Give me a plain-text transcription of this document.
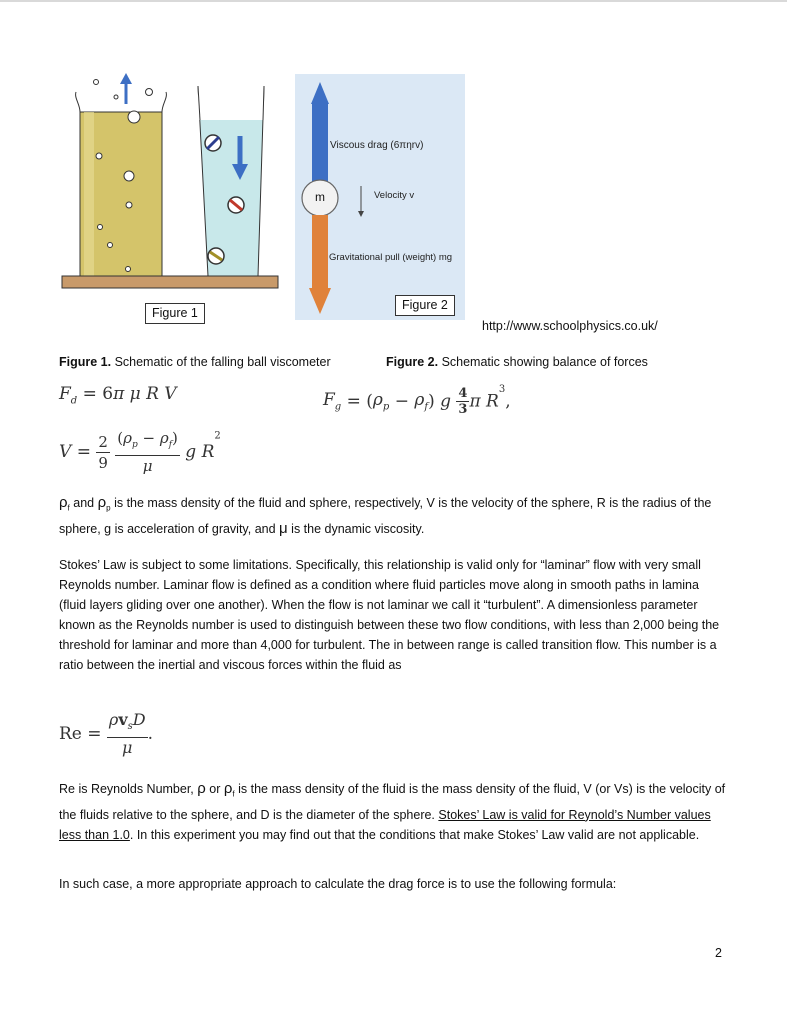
Figure 1
m
Viscous drag (6πηrv)
Velocity v
Gravitational pull (weight) mg
Figure 2
http://www.schoolphysics.co.uk/
Figure 1. Schematic of the falling ball viscometer	Figure 2. Schematic showing balance of forces
$F_d = 6\pi$ μ R V
$V = \frac{2}{9}$
$\frac{(\rho_p - \rho_f)}{\mu}$ g $R^2$
$F_g = (\rho_p - \rho_f)$ g $\frac{4}{3}$ π $R^3$,
$\rho_f$ and $\rho_p$ is the mass density of the fluid and sphere, respectively, V is the velocity of the sphere, R is the radius of the sphere, g is acceleration of gravity, and μ is the dynamic viscosity.
Stokes’ Law is subject to some limitations. Specifically, this relationship is valid only for “laminar” flow with very small Reynolds number. Laminar flow is defined as a condition where fluid particles move along in smooth paths in lamina (fluid layers gliding over one another). When the flow is not laminar we call it “turbulent”. A dimensionless parameter known as the Reynolds number is used to distinguish between these two flow conditions, with less than 2,000 being the threshold for laminar and more than 4,000 for turbulent. The in between range is called transition flow. This number is a ratio between the inertial and viscous forces within the fluid as
$Re = \frac{\rho v_sD}{\mu}$ .
Re is Reynolds Number, ρ or $\rho_f$ is the mass density of the fluid is the mass density of the fluid, V (or Vs) is the velocity of the fluids relative to the sphere, and D is the diameter of the sphere. Stokes’ Law is valid for Reynold’s Number values less than 1.0. In this experiment you may find out that the conditions that make Stokes’ Law valid are not applicable.
In such case, a more appropriate approach to calculate the drag force is to use the following formula:
2
